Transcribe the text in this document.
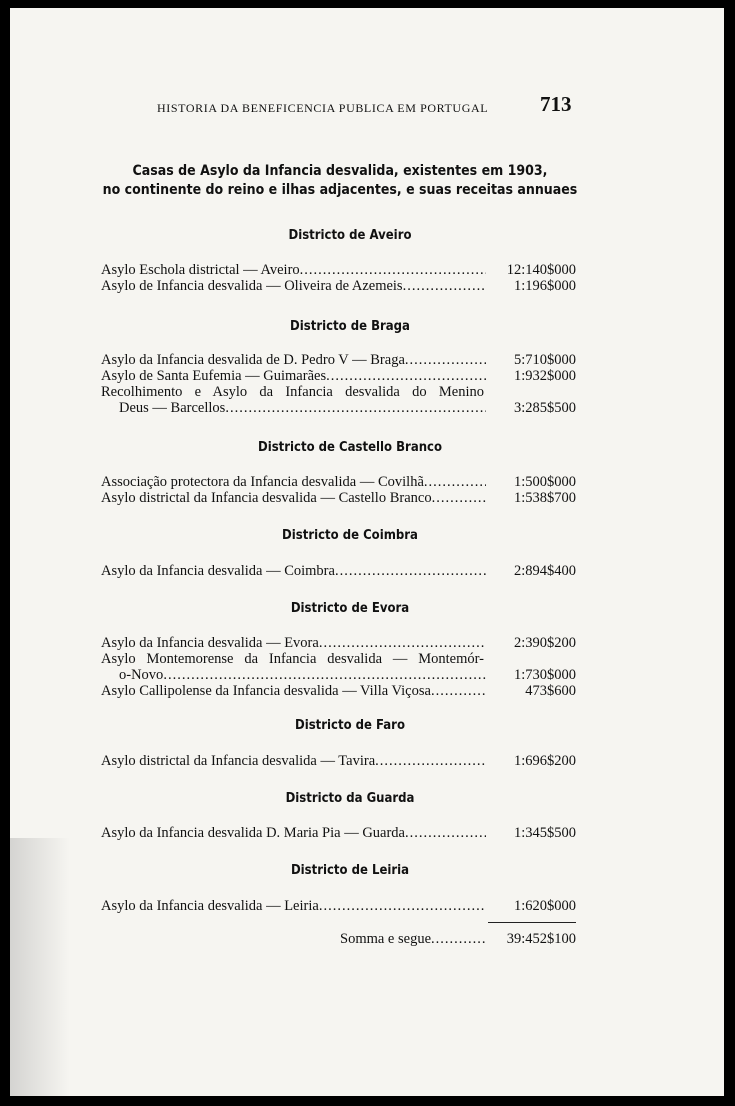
HISTORIA DA BENEFICENCIA PUBLICA EM PORTUGAL	713
Casas de Asylo da Infancia desvalida, existentes em 1903,
no continente do reino e ilhas adjacentes, e suas receitas annuaes
Districto de Aveiro
Asylo Eschola districtal — Aveiro .....	12:140$000
Asylo de Infancia desvalida — Oliveira de Azemeis .....	1:196$000
Districto de Braga
Asylo da Infancia desvalida de D. Pedro V — Braga .....	5:710$000
Asylo de Santa Eufemia — Guimarães .....	1:932$000
Recolhimento e Asylo da Infancia desvalida do Menino
Deus — Barcellos .....	3:285$500
Districto de Castello Branco
Associação protectora da Infancia desvalida — Covilhã .....	1:500$000
Asylo districtal da Infancia desvalida — Castello Branco .....	1:538$700
Districto de Coimbra
Asylo da Infancia desvalida — Coimbra .....	2:894$400
Districto de Evora
Asylo da Infancia desvalida — Evora .....	2:390$200
Asylo Montemorense da Infancia desvalida — Montemór-
o-Novo .....	1:730$000
Asylo Callipolense da Infancia desvalida — Villa Viçosa .....	473$600
Districto de Faro
Asylo districtal da Infancia desvalida — Tavira .....	1:696$200
Districto da Guarda
Asylo da Infancia desvalida D. Maria Pia — Guarda .....	1:345$500
Districto de Leiria
Asylo da Infancia desvalida — Leiria .....	1:620$000
Somma e segue .....	39:452$100
